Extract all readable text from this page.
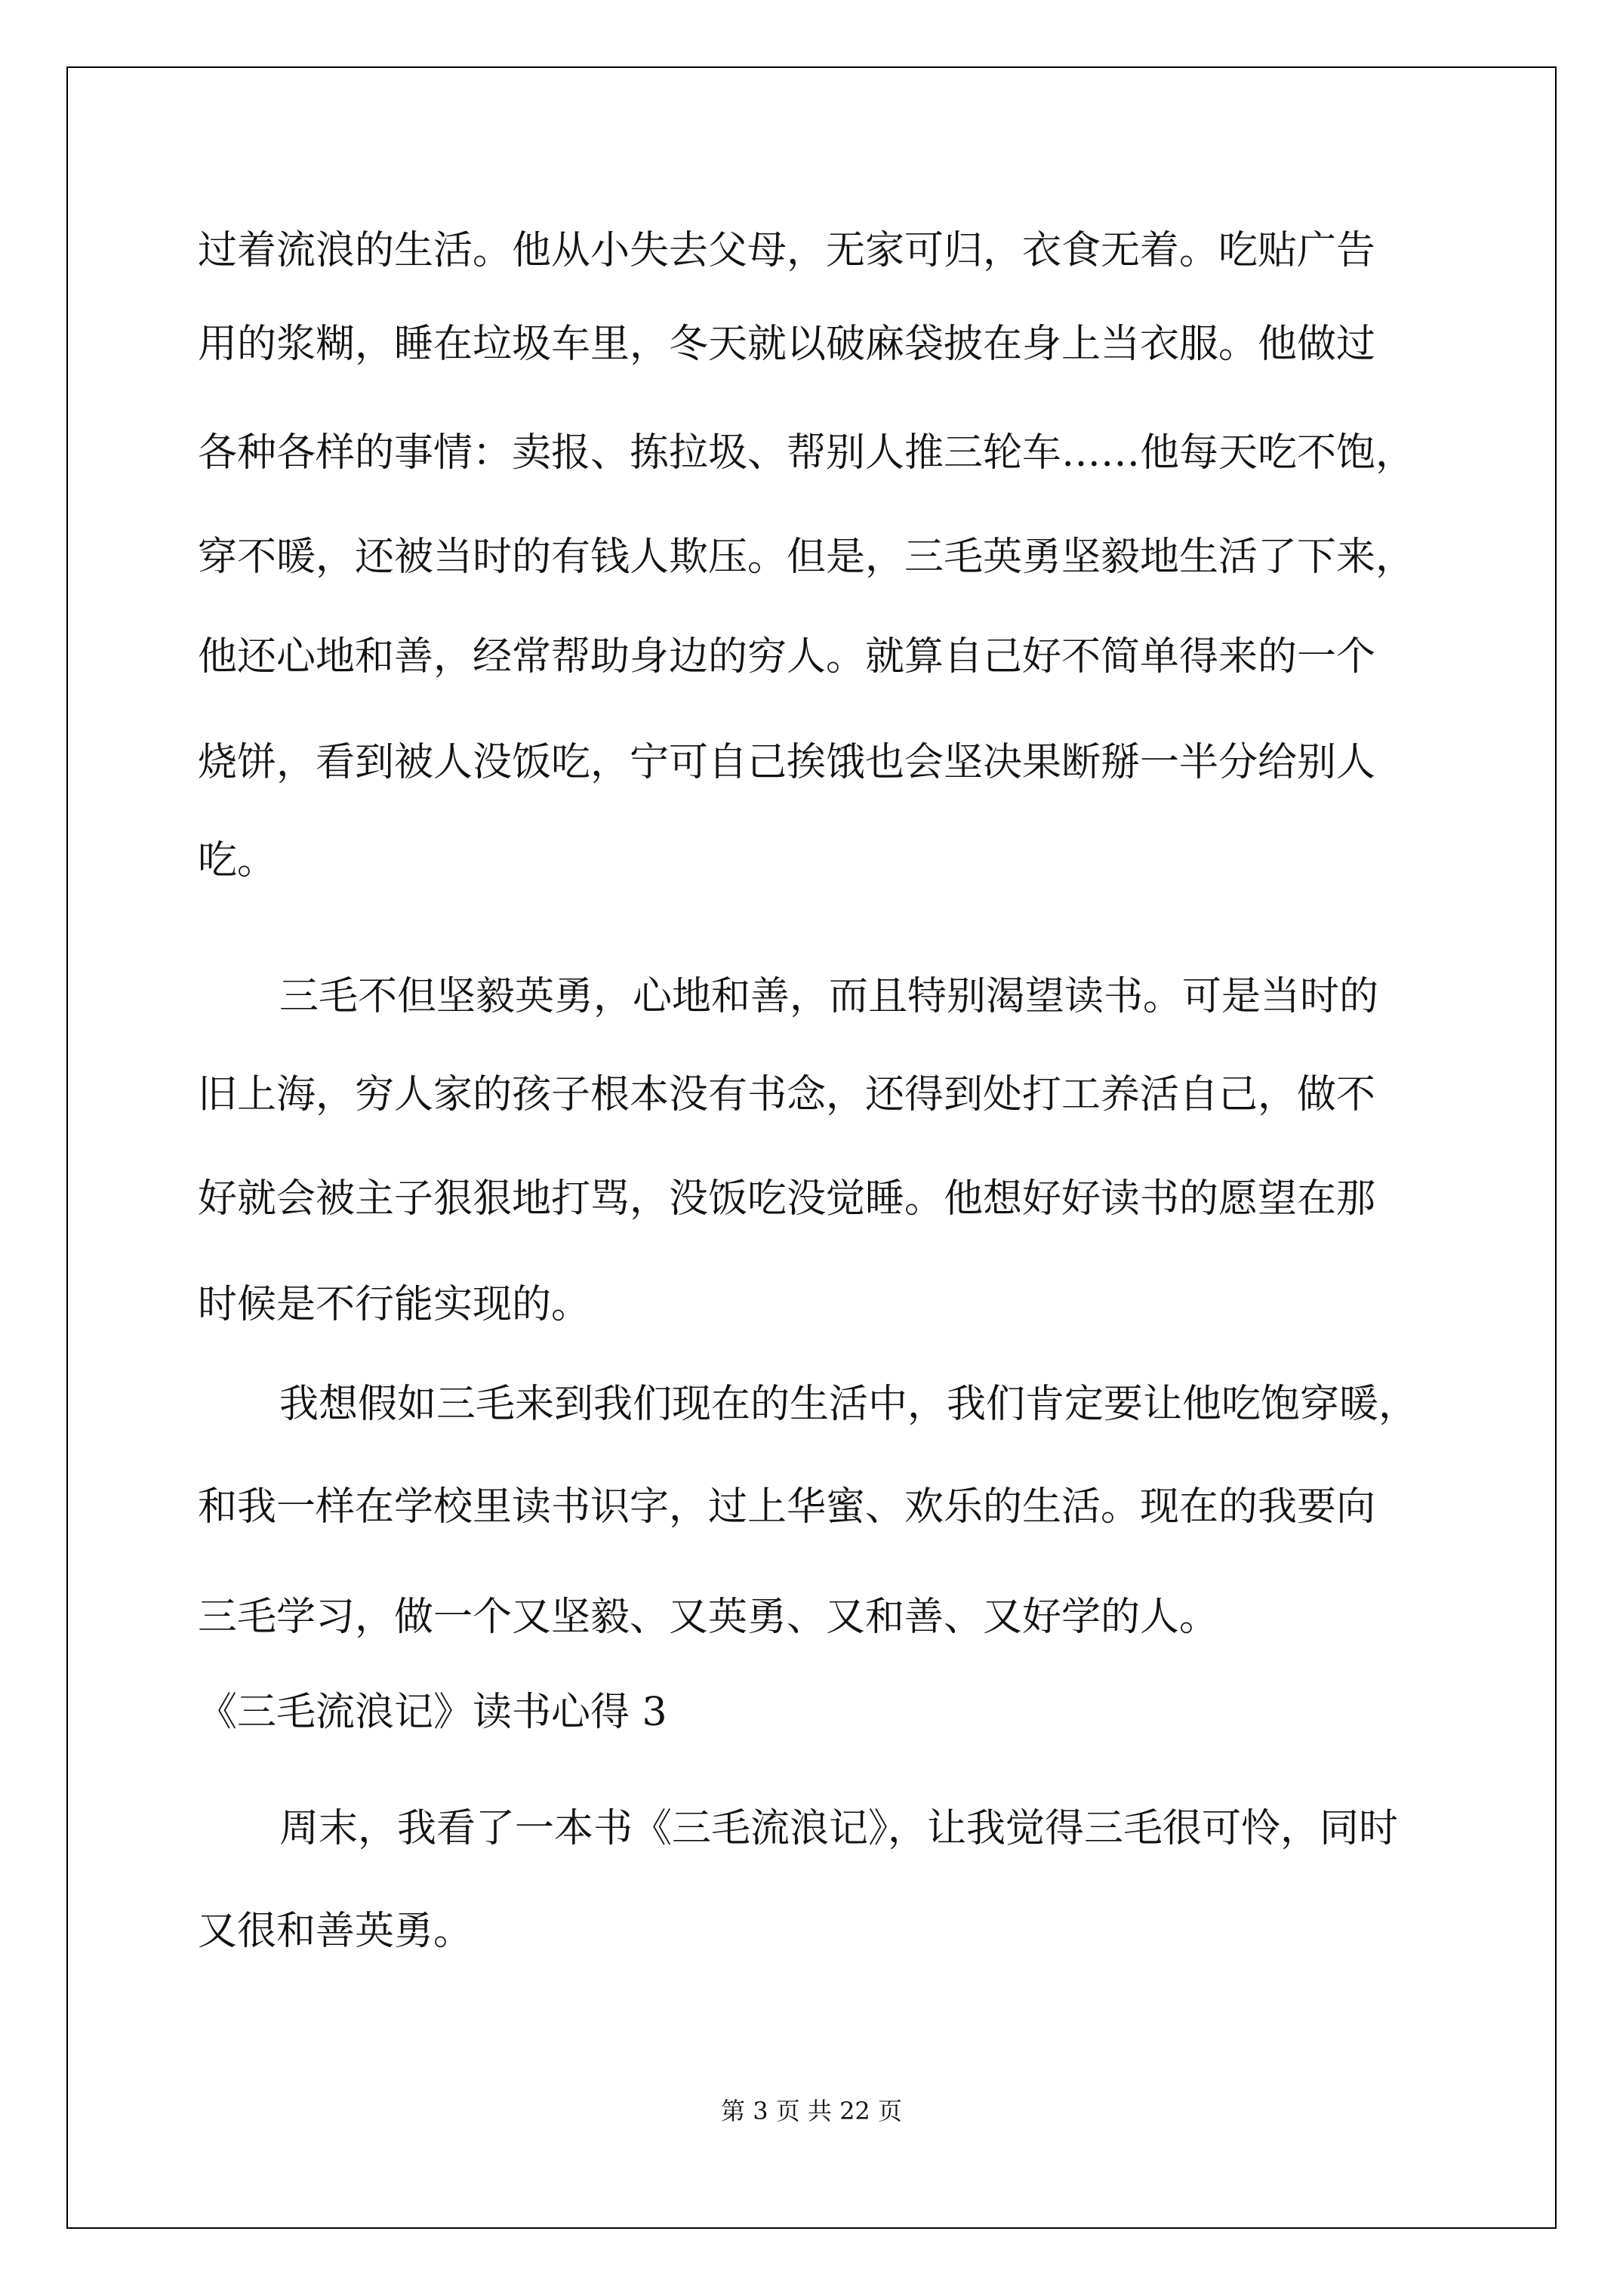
过着流浪的生活。他从小失去父母，无家可归，衣食无着。吃贴广告
用的浆糊，睡在垃圾车里，冬天就以破麻袋披在身上当衣服。他做过
各种各样的事情：卖报、拣拉圾、帮别人推三轮车……他每天吃不饱，
穿不暖，还被当时的有钱人欺压。但是，三毛英勇坚毅地生活了下来，
他还心地和善，经常帮助身边的穷人。就算自己好不简单得来的一个
烧饼，看到被人没饭吃，宁可自己挨饿也会坚决果断掰一半分给别人
吃。
三毛不但坚毅英勇，心地和善，而且特别渴望读书。可是当时的
旧上海，穷人家的孩子根本没有书念，还得到处打工养活自己，做不
好就会被主子狠狠地打骂，没饭吃没觉睡。他想好好读书的愿望在那
时候是不行能实现的。
我想假如三毛来到我们现在的生活中，我们肯定要让他吃饱穿暖，
和我一样在学校里读书识字，过上华蜜、欢乐的生活。现在的我要向
三毛学习，做一个又坚毅、又英勇、又和善、又好学的人。
《三毛流浪记》读书心得 3
周末，我看了一本书《三毛流浪记》，让我觉得三毛很可怜，同时
又很和善英勇。
第 3 页 共 22 页
